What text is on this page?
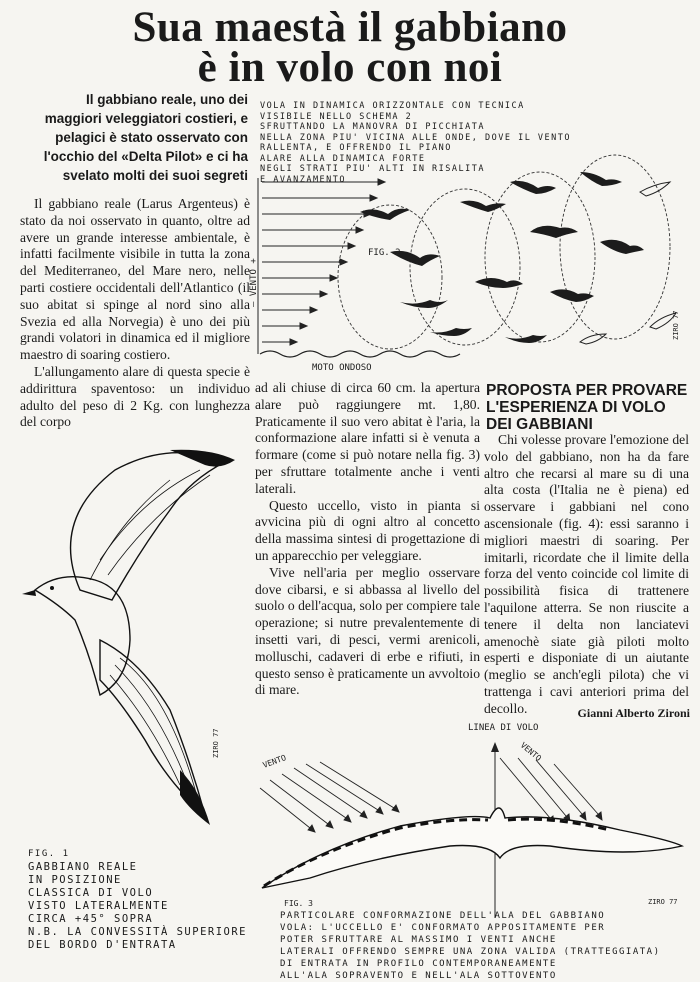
Sua maestà il gabbiano
è in volo con noi
Il gabbiano reale, uno dei maggiori veleggiatori costieri, e pelagici è stato osservato con l'occhio del «Delta Pilot» e ci ha svelato molti dei suoi segreti

Il gabbiano reale (Larus Argenteus) è stato da noi osservato in quanto, oltre ad avere un grande interesse ambientale, è infatti facilmente visibile in tutta la zona del Mediterraneo, del Mare nero, nelle parti costiere occidentali dell'Atlantico (il suo abitat si spinge al nord sino alla Svezia ed alla Norvegia) è uno dei più grandi volatori in dinamica ed il migliore maestro di soaring costiero.

L'allungamento alare di questa specie è addirittura spaventoso: un individuo adulto del peso di 2 Kg. con lunghezza del corpo

ad ali chiuse di circa 60 cm. la apertura alare può raggiungere mt. 1,80. Praticamente il suo vero abitat è l'aria, la conformazione alare infatti si è venuta a formare (come si può notare nella fig. 3) per sfruttare totalmente anche i venti laterali.

Questo uccello, visto in pianta si avvicina più di ogni altro al concetto della massima sintesi di progettazione di un apparecchio per veleggiare.

Vive nell'aria per meglio osservare dove cibarsi, e si abbassa al livello del suolo o dell'acqua, solo per compiere tale operazione; si nutre prevalentemente di insetti vari, di pesci, vermi arenicoli, molluschi, cadaveri di erbe e rifiuti, in questo senso è praticamente un avvoltoio di mare.

PROPOSTA PER PROVARE L'ESPERIENZA DI VOLO DEI GABBIANI

Chi volesse provare l'emozione del volo del gabbiano, non ha da fare altro che recarsi al mare su di una alta costa (l'Italia ne è piena) ed osservare i gabbiani nel cono ascensionale (fig. 4): essi saranno i migliori maestri di soaring. Per imitarli, ricordate che il limite della forza del vento coincide col limite di possibilità fisica di trattenere l'aquilone atterra. Se non riuscite a tenere il delta non lanciatevi amenochè siate già piloti molto esperti e disponiate di un aiutante (meglio se anch'egli pilota) che vi trattenga i cavi anteriori prima del decollo.	Gianni Alberto Zironi
FIG. 2
— VENTO +
MOTO ONDOSO
ZIRO 77
VOLA IN DINAMICA ORIZZONTALE CON TECNICA
VISIBILE NELLO SCHEMA 2
SFRUTTANDO LA MANOVRA DI PICCHIATA
NELLA ZONA PIU' VICINA ALLE ONDE, DOVE IL VENTO
RALLENTA, E OFFRENDO IL PIANO
ALARE ALLA DINAMICA FORTE
NEGLI STRATI PIU' ALTI IN RISALITA
E AVANZAMENTO
ZIRO 77
FIG. 1
GABBIANO REALE
IN POSIZIONE
CLASSICA DI VOLO
VISTO LATERALMENTE
CIRCA +45° SOPRA
N.B. LA CONVESSITÀ SUPERIORE
DEL BORDO D'ENTRATA
LINEA DI VOLO
VENTO	VENTO
FIG. 3	ZIRO 77
PARTICOLARE CONFORMAZIONE DELL'ALA DEL GABBIANO
VOLA: L'UCCELLO E' CONFORMATO APPOSITAMENTE PER
POTER SFRUTTARE AL MASSIMO I VENTI ANCHE
LATERALI OFFRENDO SEMPRE UNA ZONA VALIDA (TRATTEGGIATA)
DI ENTRATA IN PROFILO CONTEMPORANEAMENTE
ALL'ALA SOPRAVENTO E NELL'ALA SOTTOVENTO
